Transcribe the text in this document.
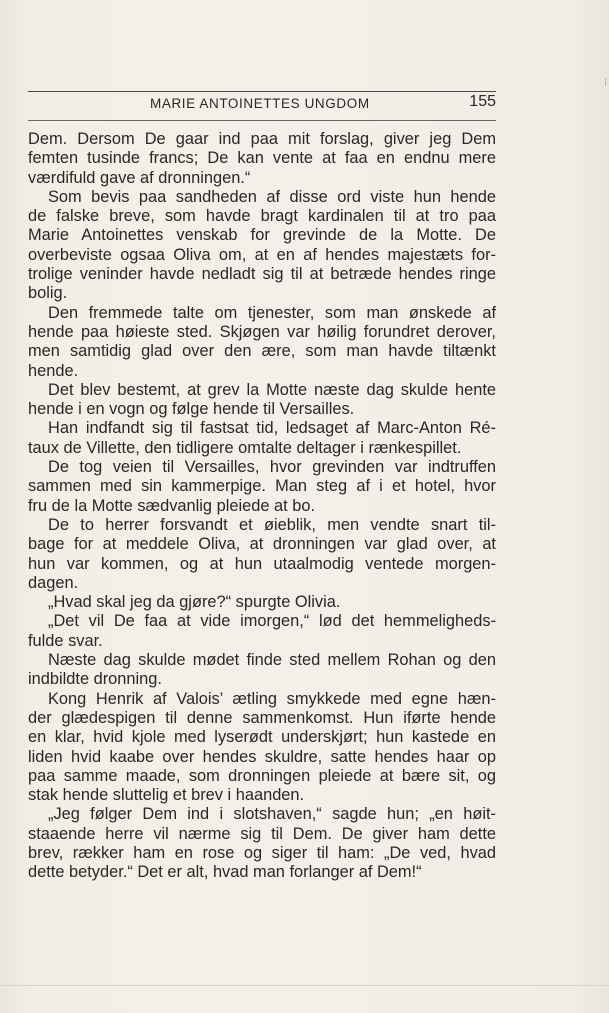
MARIE ANTOINETTES UNGDOM	155
Dem. Dersom De gaar ind paa mit forslag, giver jeg Dem
femten tusinde francs; De kan vente at faa en endnu mere
værdifuld gave af dronningen.“
Som bevis paa sandheden af disse ord viste hun hende
de falske breve, som havde bragt kardinalen til at tro paa
Marie Antoinettes venskab for grevinde de la Motte. De
overbeviste ogsaa Oliva om, at en af hendes majestæts for-
trolige veninder havde nedladt sig til at betræde hendes ringe
bolig.
Den fremmede talte om tjenester, som man ønskede af
hende paa høieste sted. Skjøgen var høilig forundret derover,
men samtidig glad over den ære, som man havde tiltænkt
hende.
Det blev bestemt, at grev la Motte næste dag skulde hente
hende i en vogn og følge hende til Versailles.
Han indfandt sig til fastsat tid, ledsaget af Marc-Anton Ré-
taux de Villette, den tidligere omtalte deltager i rænkespillet.
De tog veien til Versailles, hvor grevinden var indtruffen
sammen med sin kammerpige. Man steg af i et hotel, hvor
fru de la Motte sædvanlig pleiede at bo.
De to herrer forsvandt et øieblik, men vendte snart til-
bage for at meddele Oliva, at dronningen var glad over, at
hun var kommen, og at hun utaalmodig ventede morgen-
dagen.
„Hvad skal jeg da gjøre?“ spurgte Olivia.
„Det vil De faa at vide imorgen,“ lød det hemmeligheds-
fulde svar.
Næste dag skulde mødet finde sted mellem Rohan og den
indbildte dronning.
Kong Henrik af Valois’ ætling smykkede med egne hæn-
der glædespigen til denne sammenkomst. Hun iførte hende
en klar, hvid kjole med lyserødt underskjørt; hun kastede en
liden hvid kaabe over hendes skuldre, satte hendes haar op
paa samme maade, som dronningen pleiede at bære sit, og
stak hende sluttelig et brev i haanden.
„Jeg følger Dem ind i slotshaven,“ sagde hun; „en høit-
staaende herre vil nærme sig til Dem. De giver ham dette
brev, rækker ham en rose og siger til ham: „De ved, hvad
dette betyder.“ Det er alt, hvad man forlanger af Dem!“
